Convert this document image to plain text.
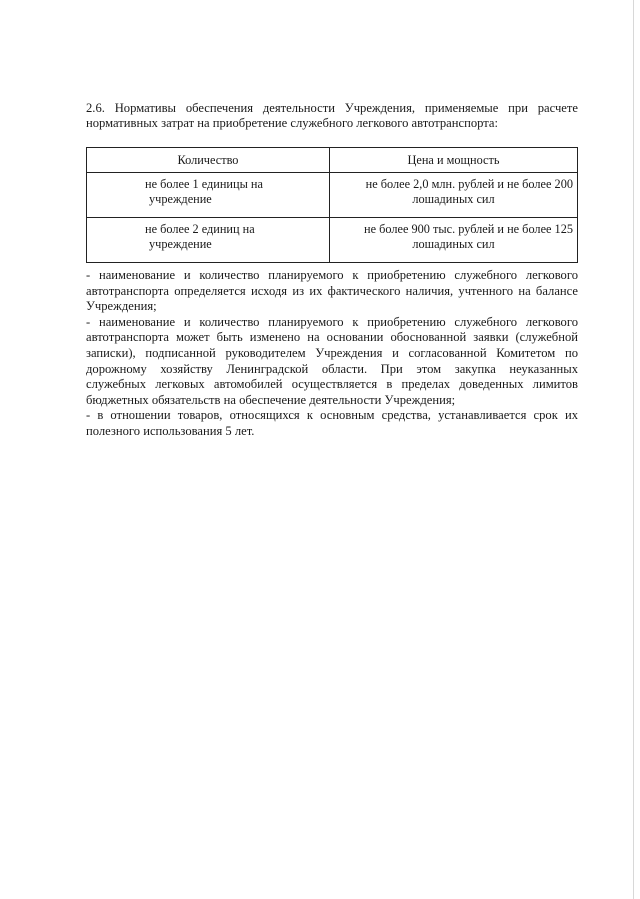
2.6. Нормативы обеспечения деятельности Учреждения, применяемые при расчете
нормативных затрат на приобретение служебного легкового автотранспорта:
Количество	Цена и мощность

не более 1 единицы на
учреждение	не более 2,0 млн. рублей и не более 200
лошадиных сил

не более 2 единиц на
учреждение	не более 900 тыс. рублей и не более 125
лошадиных сил
- наименование и количество планируемого к приобретению служебного легкового
автотранспорта определяется исходя из их фактического наличия, учтенного на балансе
Учреждения;
- наименование и количество планируемого к приобретению служебного легкового
автотранспорта может быть изменено на основании обоснованной заявки (служебной
записки), подписанной руководителем Учреждения и согласованной Комитетом по
дорожному хозяйству Ленинградской области. При этом закупка неуказанных
служебных легковых автомобилей осуществляется в пределах доведенных лимитов
бюджетных обязательств на обеспечение деятельности Учреждения;
- в отношении товаров, относящихся к основным средства, устанавливается срок их
полезного использования 5 лет.
